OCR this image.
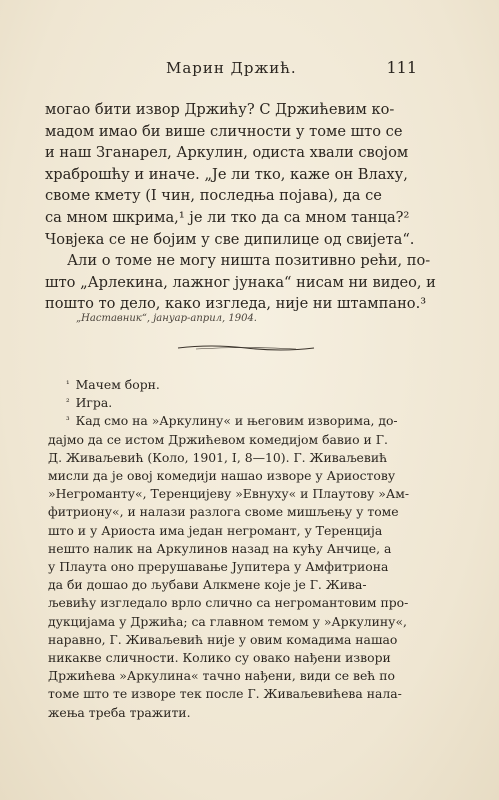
Марин Држић.	111
могао бити извор Држићу? С Држићевим ко-
мадом имао би више сличности у томе што се
и наш Зганарел, Аркулин, одиста хвали својом
храброшћу и иначе. „Је ли тко, каже он Влаху,
своме кмету (I чин, последња појава), да се
са мном шкрима,¹ је ли тко да са мном танца?²
Човјека се не бојим у све дипилице од свијета“.
Али о томе не могу ништа позитивно рећи, по-
што „Арлекина, лажног јунака“ нисам ни видео, и
пошто то дело, како изгледа, није ни штампано.³
„Наставник“, јануар-април, 1904.
¹ Мачем борн.
² Игра.
³ Кад смо на »Аркулину« и његовим изворима, до-
дајмо да се истом Држићевом комедијом бавио и Г.
Д. Живаљевић (Коло, 1901, I, 8—10). Г. Живаљевић
мисли да је овој комедији нашао изворе у Ариостову
»Негроманту«, Теренцијеву »Евнуху« и Плаутову »Ам-
фитриону«, и налази разлога своме мишљењу у томе
што и у Ариоста има један негромант, у Теренција
нешто налик на Аркулинов назад на кућу Анчице, а
у Плаута оно прерушавање Јупитера у Амфитриона
да би дошао до љубави Алкмене које је Г. Жива-
љевићу изгледало врло слично са негромантовим про-
дукцијама у Држића; са главном темом у »Аркулину«,
наравно, Г. Живаљевић није у овим комадима нашао
никакве сличности. Колико су овако нађени извори
Држићева »Аркулина« тачно нађени, види се већ по
томе што те изворе тек после Г. Живаљевићева нала-
жења треба тражити.
